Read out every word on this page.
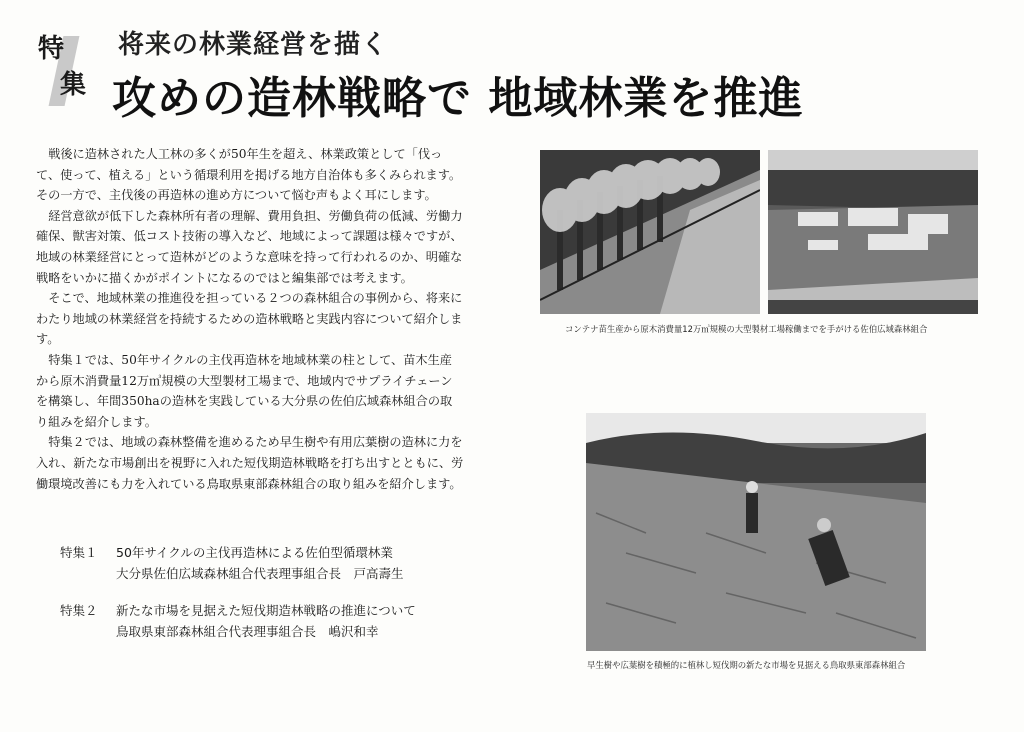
特
集
将来の林業経営を描く
攻めの造林戦略で 地域林業を推進

戦後に造林された人工林の多くが50年生を超え、林業政策として「伐って、使って、植える」という循環利用を掲げる地方自治体も多くみられます。その一方で、主伐後の再造林の進め方について悩む声もよく耳にします。

経営意欲が低下した森林所有者の理解、費用負担、労働負荷の低減、労働力確保、獣害対策、低コスト技術の導入など、地域によって課題は様々ですが、地域の林業経営にとって造林がどのような意味を持って行われるのか、明確な戦略をいかに描くかがポイントになるのではと編集部では考えます。

そこで、地域林業の推進役を担っている２つの森林組合の事例から、将来にわたり地域の林業経営を持続するための造林戦略と実践内容について紹介します。

特集１では、50年サイクルの主伐再造林を地域林業の柱として、苗木生産から原木消費量12万㎥規模の大型製材工場まで、地域内でサプライチェーンを構築し、年間350haの造林を実践している大分県の佐伯広域森林組合の取り組みを紹介します。

特集２では、地域の森林整備を進めるため早生樹や有用広葉樹の造林に力を入れ、新たな市場創出を視野に入れた短伐期造林戦略を打ち出すとともに、労働環境改善にも力を入れている鳥取県東部森林組合の取り組みを紹介します。

特集１	50年サイクルの主伐再造林による佐伯型循環林業
大分県佐伯広域森林組合代表理事組合長　戸高壽生
特集２	新たな市場を見据えた短伐期造林戦略の推進について
鳥取県東部森林組合代表理事組合長　嶋沢和幸
コンテナ苗生産から原木消費量12万㎥規模の大型製材工場稼働までを手がける佐伯広域森林組合
早生樹や広葉樹を積極的に植林し短伐期の新たな市場を見据える鳥取県東部森林組合
